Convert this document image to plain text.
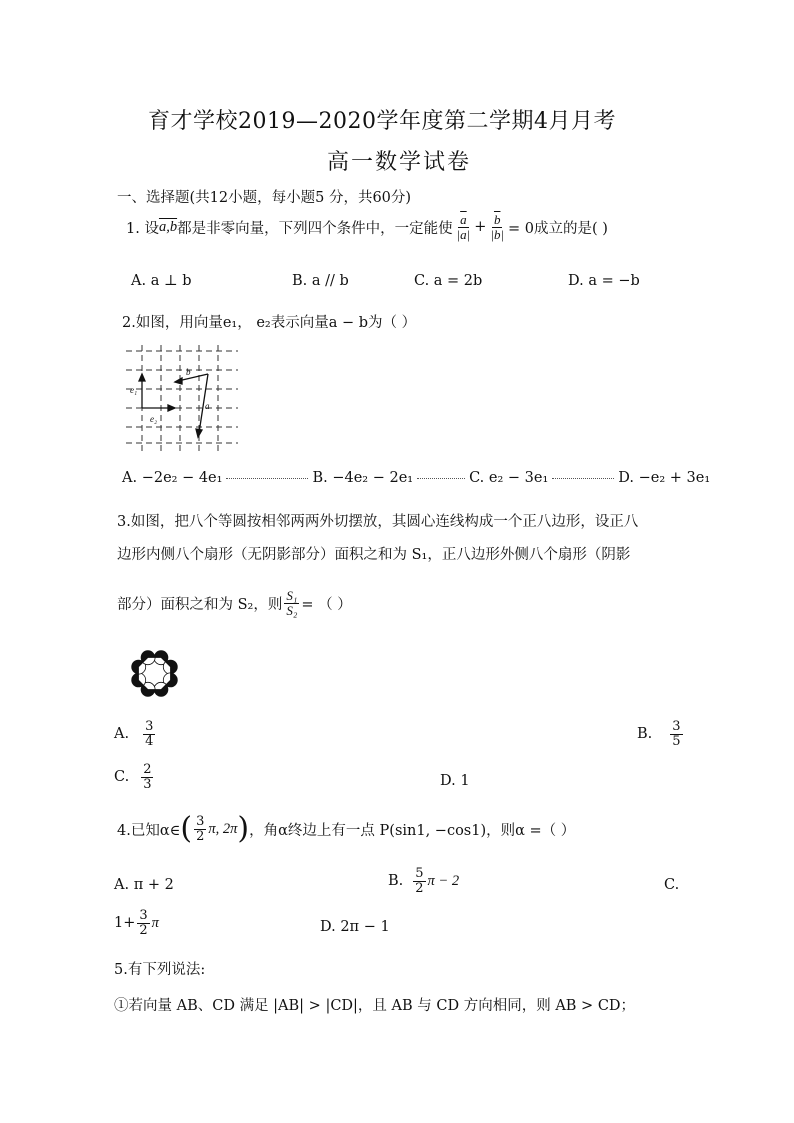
育才学校2019—2020学年度第二学期4月月考
高一数学试卷
一、选择题(共12小题，每小题5 分，共60分)
1. 设 a,b 都是非零向量，下列四个条件中，一定能使 $\frac{\overline{a}}{|a|} + \frac{\overline{b}}{|b|} = 0$成立的是( )
A. a ⊥ b	B. a // b	C. a = 2b	D. a = −b
2.如图，用向量e₁， e₂表示向量a − b为（ ）
e₁
e₂
b
a
A. −2e₂ − 4e₁	B. −4e₂ − 2e₁	C. e₂ − 3e₁	D. −e₂ + 3e₁
3.如图，把八个等圆按相邻两两外切摆放，其圆心连线构成一个正八边形，设正八
边形内侧八个扇形（无阴影部分）面积之和为 S₁，正八边形外侧八个扇形（阴影
部分）面积之和为 S₂，则 $\frac{\text{S₁}}{\text{S₂}}$ = （ ）
A. $\frac{3}{4}$	B. $\frac{3}{5}$
C. $\frac{2}{3}$	D. 1
4.已知α∈ ( $\frac{3}{2} \pi$, 2π ) ，角α终边上有一点 P(sin1, −cos1)，则α =（ ）
A. π + 2	B. $\frac{5}{2}$ π − 2	C.
$1+ \frac{3}{2}$ π	D. 2π − 1
5.有下列说法:
①若向量 AB、CD 满足 |AB| > |CD|，且 AB 与 CD 方向相同，则 AB > CD；
